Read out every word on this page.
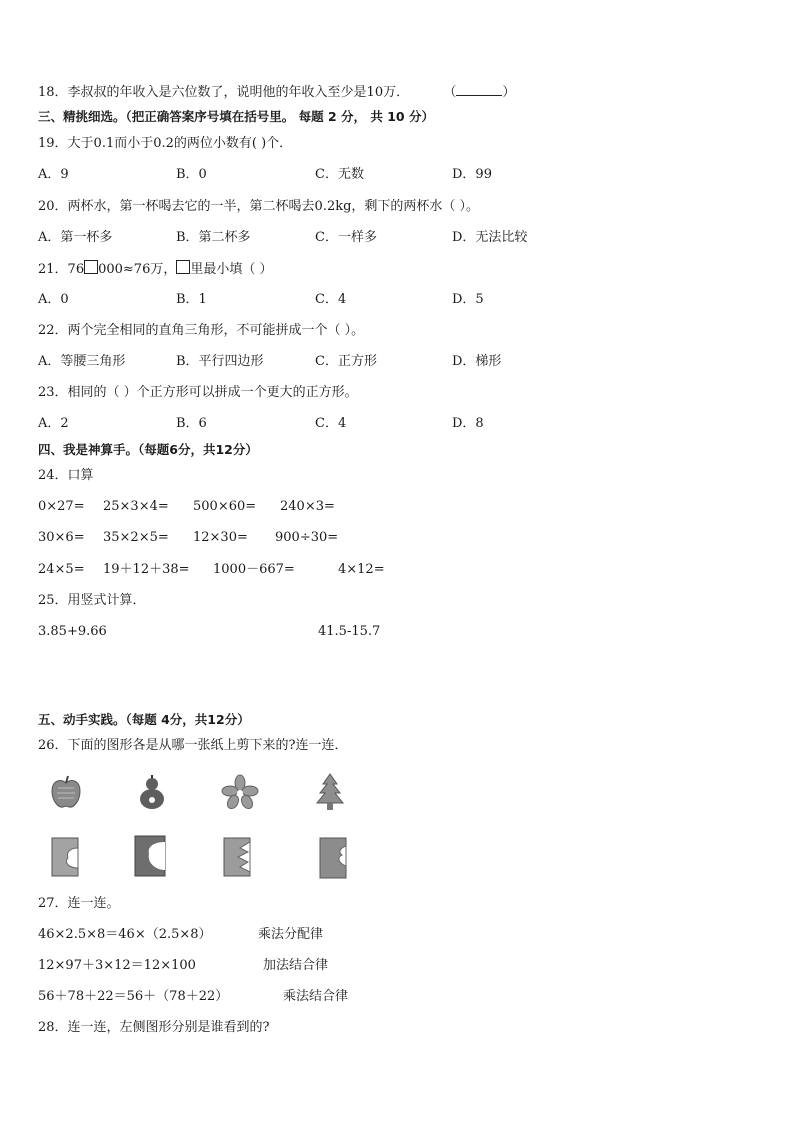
18．李叔叔的年收入是六位数了，说明他的年收入至少是10万．	（	）
三、精挑细选。（把正确答案序号填在括号里。 每题 2 分， 共 10 分）
19．大于0.1而小于0.2的两位小数有( )个．
A．9	B．0	C．无数	D．99
20．两杯水，第一杯喝去它的一半，第二杯喝去0.2kg，剩下的两杯水（ ）。
A．第一杯多	B．第二杯多	C．一样多	D．无法比较
21．76 000≈76万， 里最小填（ ）
A．0	B．1	C．4	D．5
22．两个完全相同的直角三角形，不可能拼成一个（ ）。
A．等腰三角形	B．平行四边形	C．正方形	D．梯形
23．相同的（ ）个正方形可以拼成一个更大的正方形。
A．2	B．6	C．4	D．8
四、我是神算手。（每题6分，共12分）
24．口算
0×27= 25×3×4= 500×60= 240×3=
30×6= 35×2×5= 12×30= 900÷30=
24×5= 19＋12＋38= 1000－667=	4×12=
25．用竖式计算．
3.85+9.66	41.5-15.7
五、动手实践。（每题 4分，共12分）
26．下面的图形各是从哪一张纸上剪下来的?连一连．
27．连一连。
46×2.5×8＝46×（2.5×8）	乘法分配律
12×97＋3×12＝12×100	加法结合律
56＋78＋22＝56＋（78＋22）	乘法结合律
28．连一连，左侧图形分别是谁看到的?
